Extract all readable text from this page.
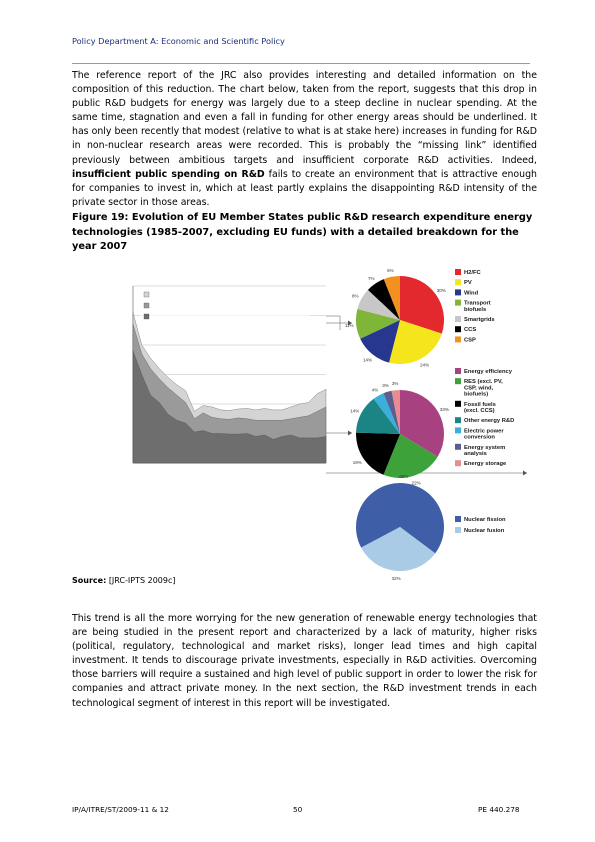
Policy Department A: Economic and Scientific Policy
The reference report of the JRC also provides interesting and detailed information on the composition of this reduction. The chart below, taken from the report, suggests that this drop in public R&D budgets for energy was largely due to a steep decline in nuclear spending. At the same time, stagnation and even a fall in funding for other energy areas should be underlined. It has only been recently that modest (relative to what is at stake here) increases in funding for R&D in non-nuclear research areas were recorded. This is probably the “missing link” identified previously between ambitious targets and insufficient corporate R&D activities. Indeed, insufficient public spending on R&D fails to create an environment that is attractive enough for companies to invest in, which at least partly explains the disappointing R&D intensity of the private sector in those areas.
Figure 19: Evolution of EU Member States public R&D research expenditure energy technologies (1985-2007, excluding EU funds) with a detailed breakdown for the year 2007
30%
24%
14%
11%
8%
7%
6%
33%
22%
19%
14%
4%
3% 3%
68%
32%
H2/FC
PV
Wind
Transport
biofuels
Smartgrids
CCS
CSP
Energy efficiency
RES (excl. PV,
CSP, wind,
biofuels)
Fossil fuels
(excl. CCS)
Other energy R&D
Electric power
conversion
Energy system
analysis
Energy storage
Nuclear fission
Nuclear fusion
Source: [JRC-IPTS 2009c]
This trend is all the more worrying for the new generation of renewable energy technologies that are being studied in the present report and characterized by a lack of maturity, higher risks (political, regulatory, technological and market risks), longer lead times and high capital investment. It tends to discourage private investments, especially in R&D activities. Overcoming those barriers will require a sustained and high level of public support in order to lower the risk for companies and attract private money. In the next section, the R&D investment trends in each technological segment of interest in this report will be investigated.
IP/A/ITRE/ST/2009-11 & 12	50	PE 440.278
